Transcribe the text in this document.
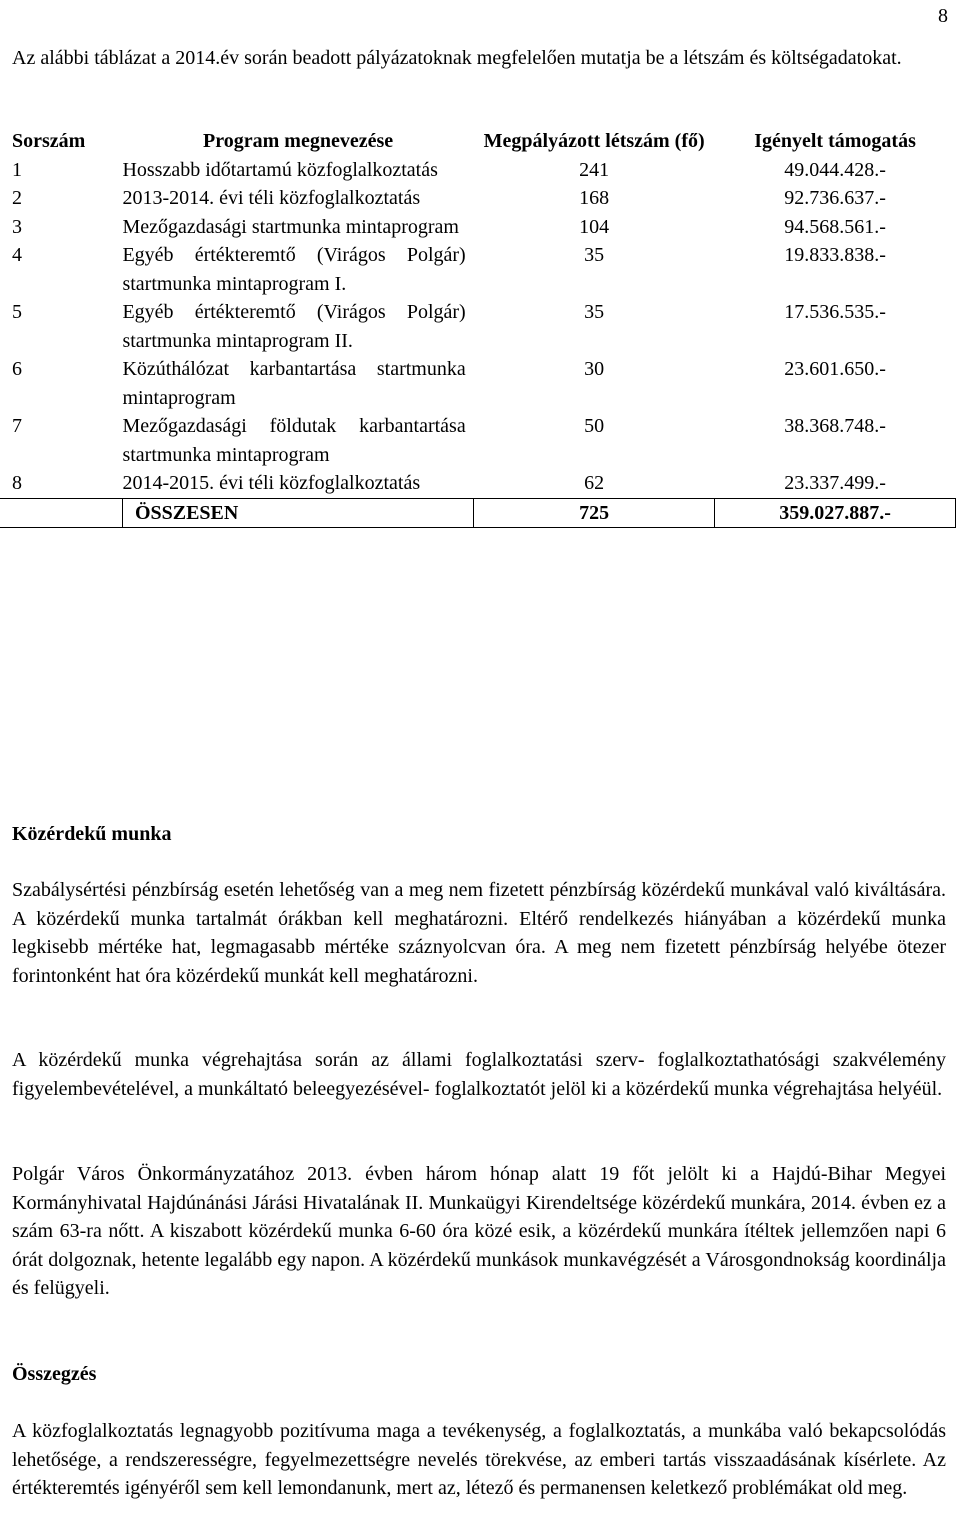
Az alábbi táblázat a 2014.év során beadott pályázatoknak megfelelően mutatja be a létszám és költségadatokat.

Sorszám	Program megnevezése	Megpályázott létszám (fő)	Igényelt támogatás
1	Hosszabb időtartamú közfoglalkoztatás	241	49.044.428.-
2	2013-2014. évi téli közfoglalkoztatás	168	92.736.637.-
3	Mezőgazdasági startmunka mintaprogram	104	94.568.561.-
4	Egyéb értékteremtő (Virágos Polgár) startmunka mintaprogram I.	35	19.833.838.-
5	Egyéb értékteremtő (Virágos Polgár) startmunka mintaprogram II.	35	17.536.535.-
6	Közúthálózat karbantartása startmunka mintaprogram	30	23.601.650.-
7	Mezőgazdasági földutak karbantartása startmunka mintaprogram	50	38.368.748.-
8	2014-2015. évi téli közfoglalkoztatás	62	23.337.499.-
	ÖSSZESEN	725	359.027.887.-

Közérdekű munka

Szabálysértési pénzbírság esetén lehetőség van a meg nem fizetett pénzbírság közérdekű munkával való kiváltására. A közérdekű munka tartalmát órákban kell meghatározni. Eltérő rendelkezés hiányában a közérdekű munka legkisebb mértéke hat, legmagasabb mértéke száznyolcvan óra. A meg nem fizetett pénzbírság helyébe ötezer forintonként hat óra közérdekű munkát kell meghatározni.

A közérdekű munka végrehajtása során az állami foglalkoztatási szerv- foglalkoztathatósági szakvélemény figyelembevételével, a munkáltató beleegyezésével- foglalkoztatót jelöl ki a közérdekű munka végrehajtása helyéül.

Polgár Város Önkormányzatához 2013. évben három hónap alatt 19 főt jelölt ki a Hajdú-Bihar Megyei Kormányhivatal Hajdúnánási Járási Hivatalának II. Munkaügyi Kirendeltsége közérdekű munkára, 2014. évben ez a szám 63-ra nőtt. A kiszabott közérdekű munka 6-60 óra közé esik, a közérdekű munkára ítéltek jellemzően napi 6 órát dolgoznak, hetente legalább egy napon. A közérdekű munkások munkavégzését a Városgondnokság koordinálja és felügyeli.

Összegzés

A közfoglalkoztatás legnagyobb pozitívuma maga a tevékenység, a foglalkoztatás, a munkába való bekapcsolódás lehetősége, a rendszerességre, fegyelmezettségre nevelés törekvése, az emberi tartás visszaadásának kísérlete. Az értékteremtés igényéről sem kell lemondanunk, mert az, létező és permanensen keletkező problémákat old meg.

8
